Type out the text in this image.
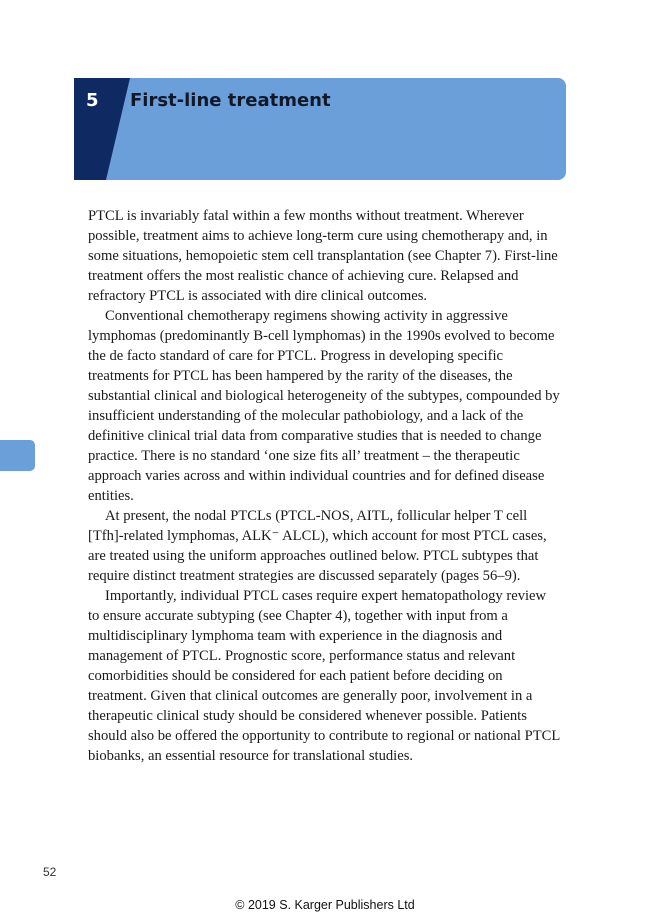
5 First-line treatment

PTCL is invariably fatal within a few months without treatment. Wherever possible, treatment aims to achieve long-term cure using chemotherapy and, in some situations, hemopoietic stem cell transplantation (see Chapter 7). First-line treatment offers the most realistic chance of achieving cure. Relapsed and refractory PTCL is associated with dire clinical outcomes.

Conventional chemotherapy regimens showing activity in aggressive lymphomas (predominantly B-cell lymphomas) in the 1990s evolved to become the de facto standard of care for PTCL. Progress in developing specific treatments for PTCL has been hampered by the rarity of the diseases, the substantial clinical and biological heterogeneity of the subtypes, compounded by insufficient understanding of the molecular pathobiology, and a lack of the definitive clinical trial data from comparative studies that is needed to change practice. There is no standard ‘one size fits all’ treatment – the therapeutic approach varies across and within individual countries and for defined disease entities.

At present, the nodal PTCLs (PTCL-NOS, AITL, follicular helper T cell [Tfh]-related lymphomas, ALK⁻ ALCL), which account for most PTCL cases, are treated using the uniform approaches outlined below. PTCL subtypes that require distinct treatment strategies are discussed separately (pages 56–9).

Importantly, individual PTCL cases require expert hematopathology review to ensure accurate subtyping (see Chapter 4), together with input from a multidisciplinary lymphoma team with experience in the diagnosis and management of PTCL. Prognostic score, performance status and relevant comorbidities should be considered for each patient before deciding on treatment. Given that clinical outcomes are generally poor, involvement in a therapeutic clinical study should be considered whenever possible. Patients should also be offered the opportunity to contribute to regional or national PTCL biobanks, an essential resource for translational studies.

52
© 2019 S. Karger Publishers Ltd
